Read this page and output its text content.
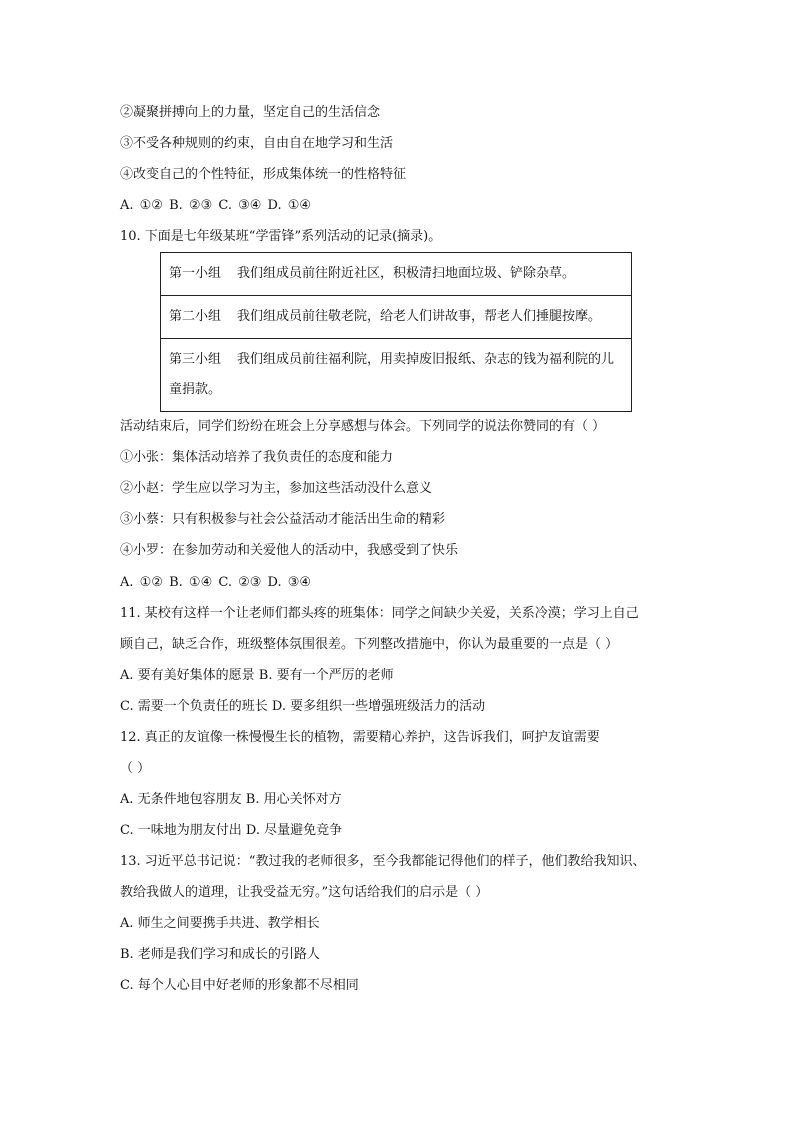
②凝聚拼搏向上的力量，坚定自己的生活信念
③不受各种规则的约束，自由自在地学习和生活
④改变自己的个性特征，形成集体统一的性格特征
A. ①② B. ②③ C. ③④ D. ①④
10. 下面是七年级某班“学雷锋”系列活动的记录(摘录)。
第一小组 我们组成员前往附近社区，积极清扫地面垃圾、铲除杂草。
第二小组 我们组成员前往敬老院，给老人们讲故事，帮老人们捶腿按摩。
第三小组 我们组成员前往福利院，用卖掉废旧报纸、杂志的钱为福利院的儿童捐款。
活动结束后，同学们纷纷在班会上分享感想与体会。下列同学的说法你赞同的有（ ）
①小张：集体活动培养了我负责任的态度和能力
②小赵：学生应以学习为主，参加这些活动没什么意义
③小蔡：只有积极参与社会公益活动才能活出生命的精彩
④小罗：在参加劳动和关爱他人的活动中，我感受到了快乐
A. ①② B. ①④ C. ②③ D. ③④
11. 某校有这样一个让老师们都头疼的班集体：同学之间缺少关爱，关系冷漠；学习上自己
顾自己，缺乏合作，班级整体氛围很差。下列整改措施中，你认为最重要的一点是（ ）
A. 要有美好集体的愿景 B. 要有一个严厉的老师
C. 需要一个负责任的班长 D. 要多组织一些增强班级活力的活动
12. 真正的友谊像一株慢慢生长的植物，需要精心养护，这告诉我们，呵护友谊需要
（ ）
A. 无条件地包容朋友 B. 用心关怀对方
C. 一味地为朋友付出 D. 尽量避免竞争
13. 习近平总书记说：“教过我的老师很多，至今我都能记得他们的样子，他们教给我知识、
教给我做人的道理，让我受益无穷。”这句话给我们的启示是（ ）
A. 师生之间要携手共进、教学相长
B. 老师是我们学习和成长的引路人
C. 每个人心目中好老师的形象都不尽相同
